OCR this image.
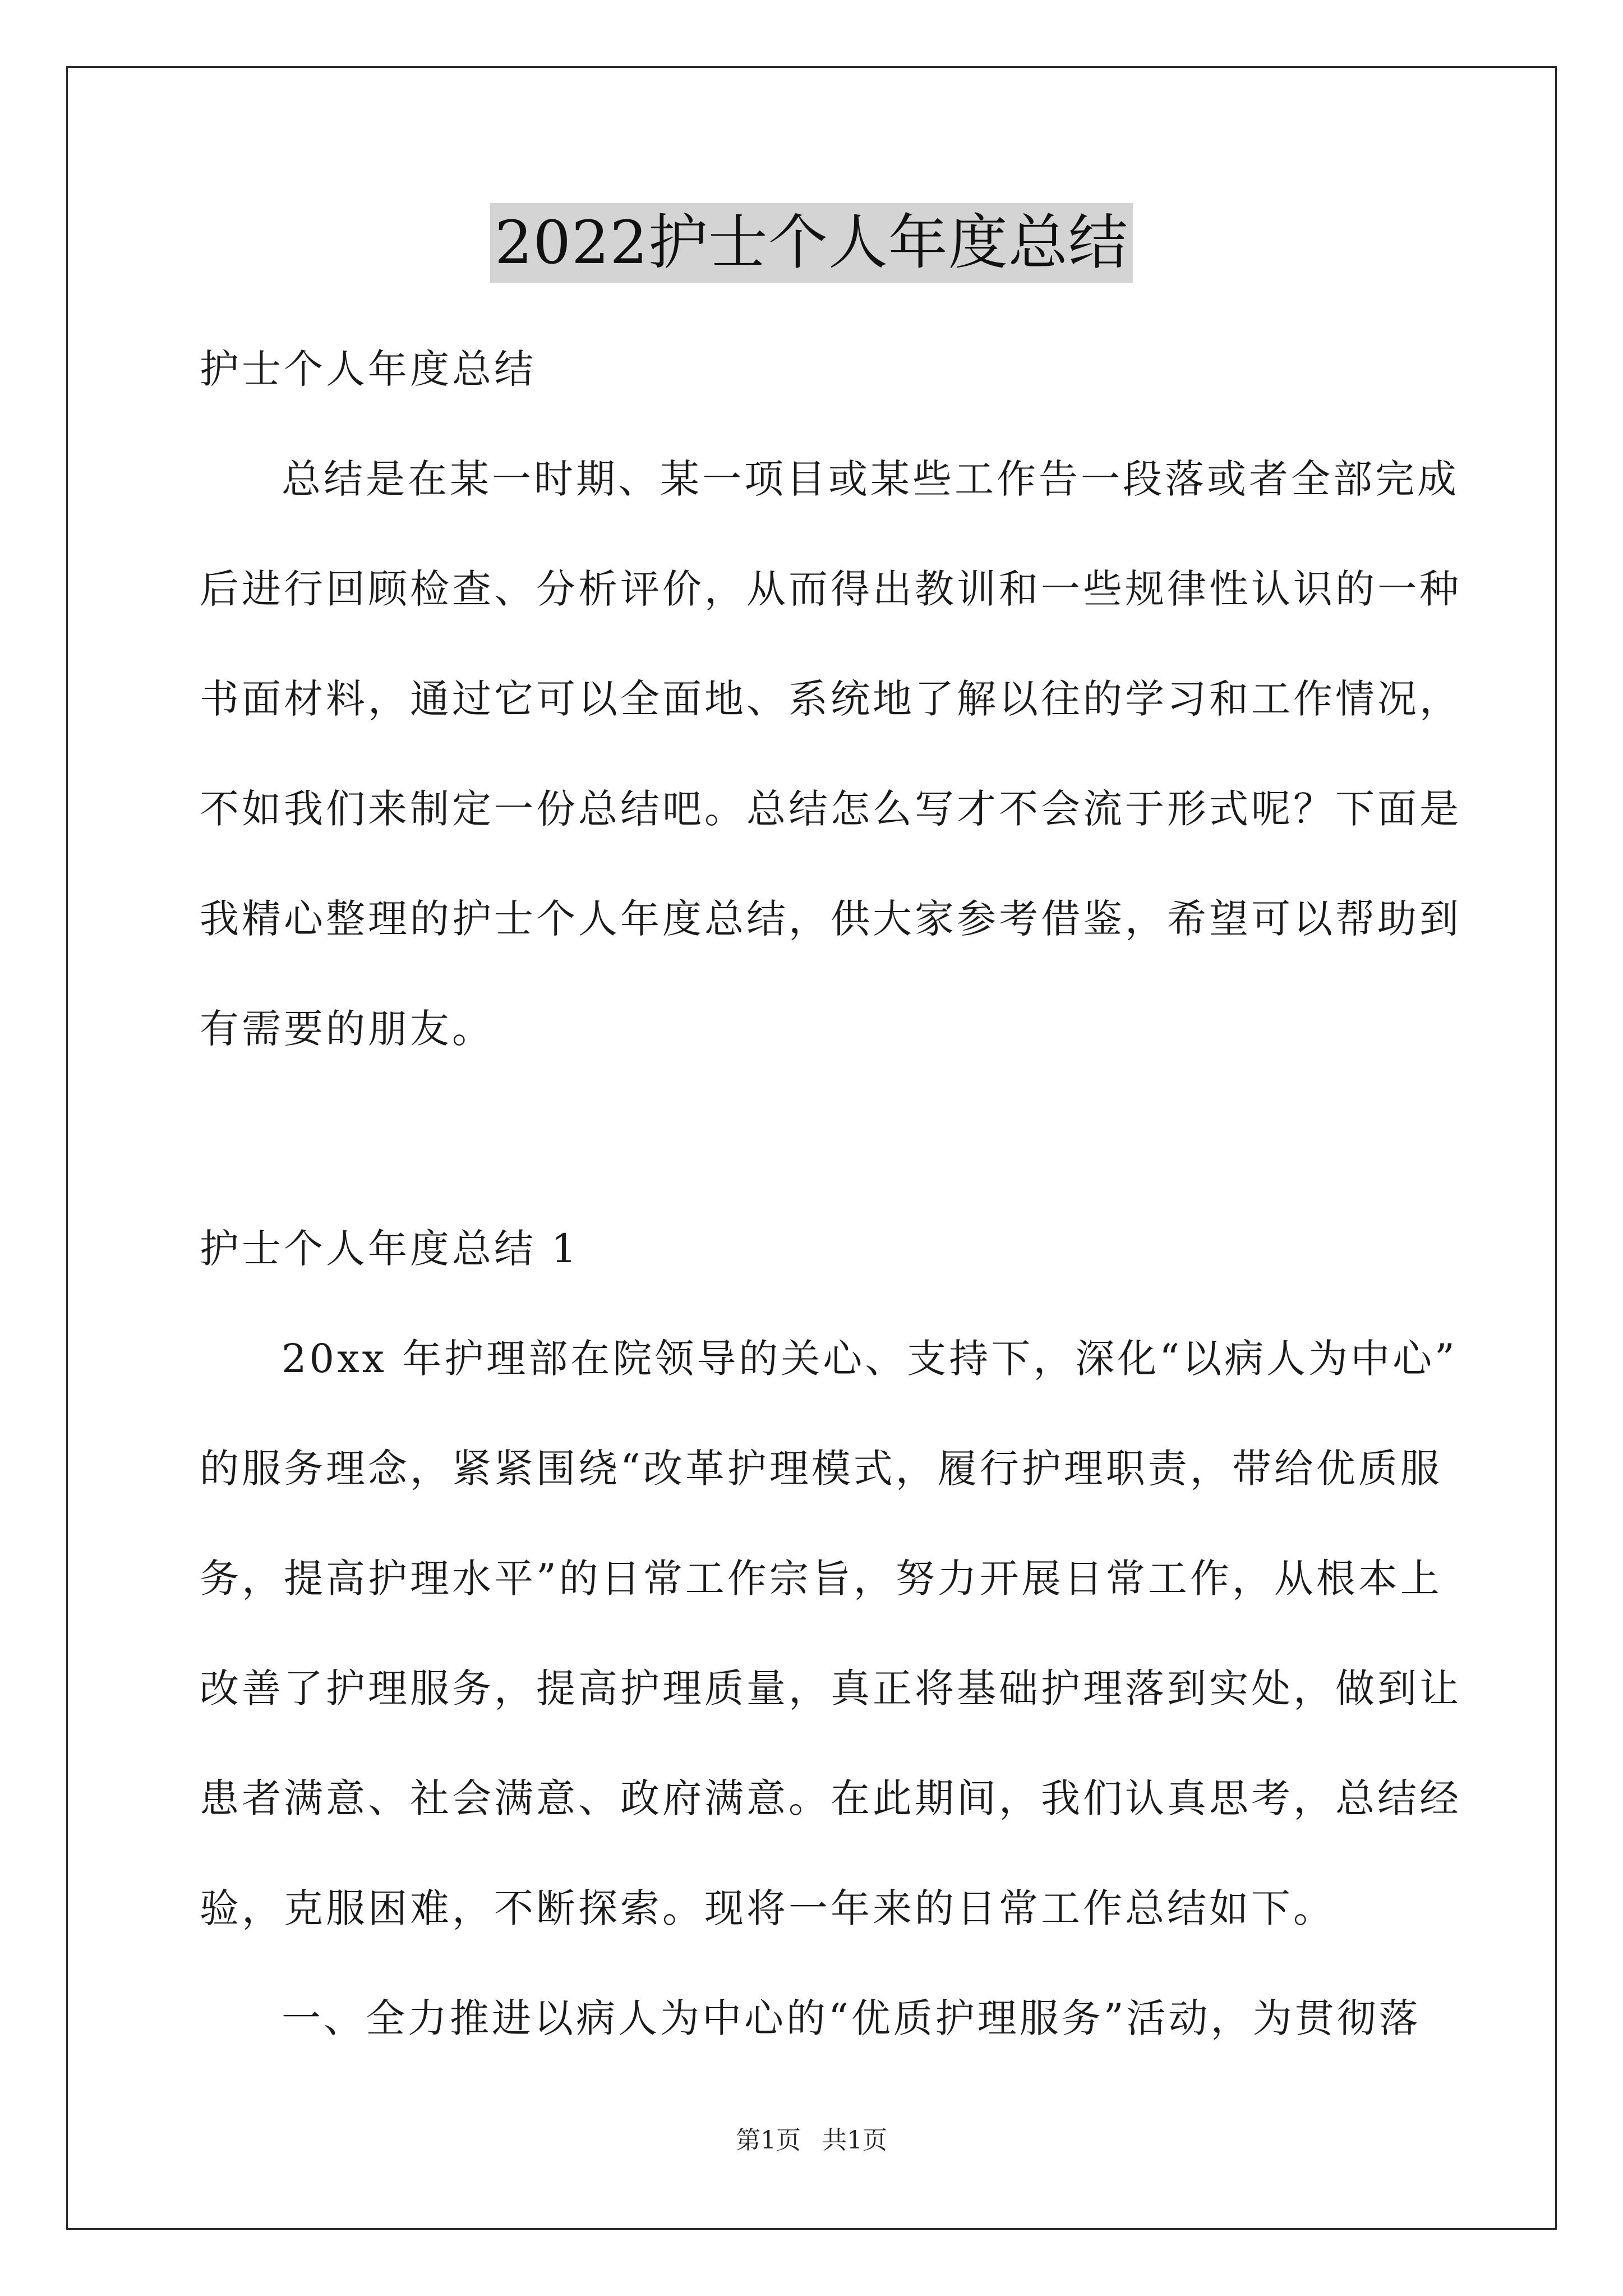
2022护士个人年度总结
护士个人年度总结
总结是在某一时期、某一项目或某些工作告一段落或者全部完成
后进行回顾检查、分析评价，从而得出教训和一些规律性认识的一种
书面材料，通过它可以全面地、系统地了解以往的学习和工作情况，
不如我们来制定一份总结吧。总结怎么写才不会流于形式呢？下面是
我精心整理的护士个人年度总结，供大家参考借鉴，希望可以帮助到
有需要的朋友。
护士个人年度总结 1
20xx 年护理部在院领导的关心、支持下，深化“以病人为中心”
的服务理念，紧紧围绕“改革护理模式，履行护理职责，带给优质服
务，提高护理水平”的日常工作宗旨，努力开展日常工作，从根本上
改善了护理服务，提高护理质量，真正将基础护理落到实处，做到让
患者满意、社会满意、政府满意。在此期间，我们认真思考，总结经
验，克服困难，不断探索。现将一年来的日常工作总结如下。
一、全力推进以病人为中心的“优质护理服务”活动，为贯彻落
第1页 共1页
